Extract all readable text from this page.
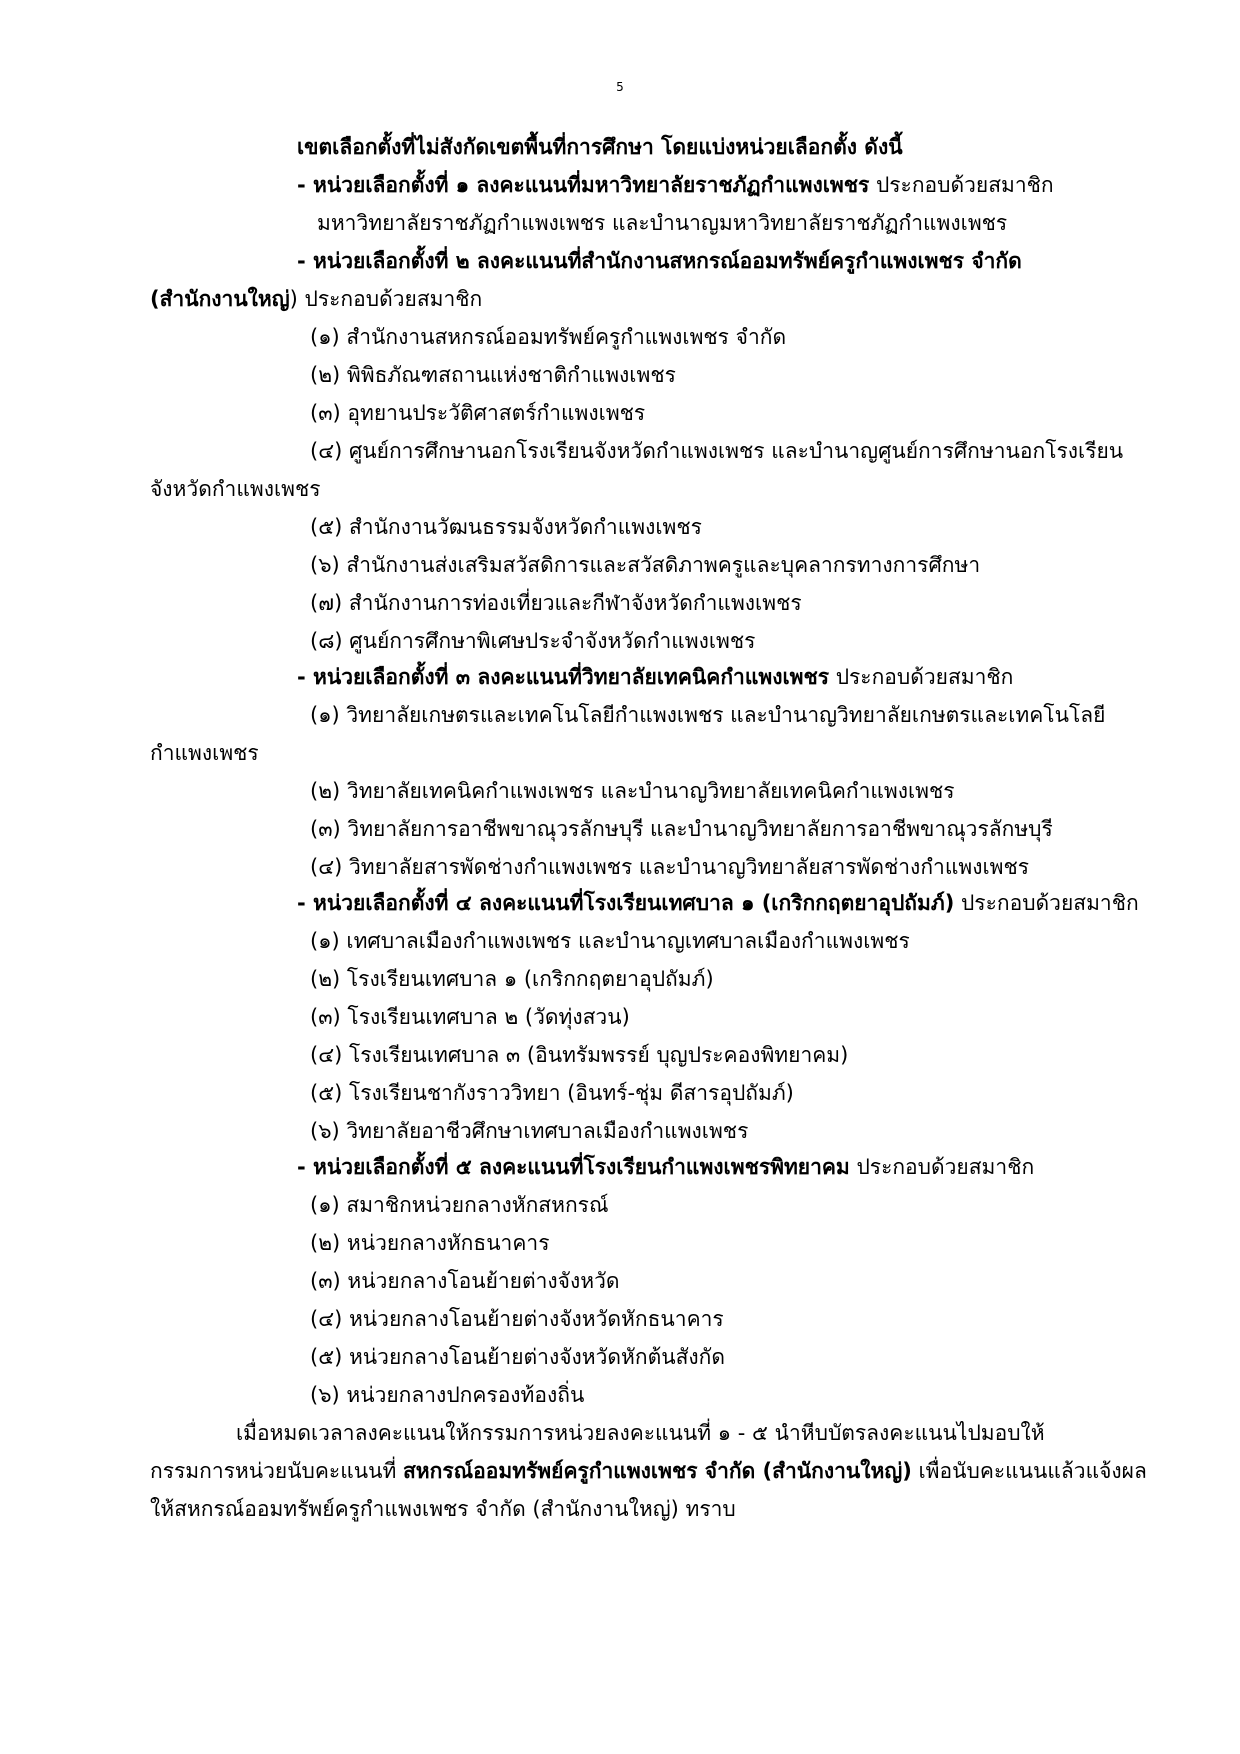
5
เขตเลือกตั้งที่ไม่สังกัดเขตพื้นที่การศึกษา โดยแบ่งหน่วยเลือกตั้ง ดังนี้
- หน่วยเลือกตั้งที่ ๑ ลงคะแนนที่มหาวิทยาลัยราชภัฏกำแพงเพชร ประกอบด้วยสมาชิก
มหาวิทยาลัยราชภัฏกำแพงเพชร และบำนาญมหาวิทยาลัยราชภัฏกำแพงเพชร
- หน่วยเลือกตั้งที่ ๒ ลงคะแนนที่สำนักงานสหกรณ์ออมทรัพย์ครูกำแพงเพชร จำกัด
(สำนักงานใหญ่) ประกอบด้วยสมาชิก
(๑) สำนักงานสหกรณ์ออมทรัพย์ครูกำแพงเพชร จำกัด
(๒) พิพิธภัณฑสถานแห่งชาติกำแพงเพชร
(๓) อุทยานประวัติศาสตร์กำแพงเพชร
(๔) ศูนย์การศึกษานอกโรงเรียนจังหวัดกำแพงเพชร และบำนาญศูนย์การศึกษานอกโรงเรียน
จังหวัดกำแพงเพชร
(๕) สำนักงานวัฒนธรรมจังหวัดกำแพงเพชร
(๖) สำนักงานส่งเสริมสวัสดิการและสวัสดิภาพครูและบุคลากรทางการศึกษา
(๗) สำนักงานการท่องเที่ยวและกีฬาจังหวัดกำแพงเพชร
(๘) ศูนย์การศึกษาพิเศษประจำจังหวัดกำแพงเพชร
- หน่วยเลือกตั้งที่ ๓ ลงคะแนนที่วิทยาลัยเทคนิคกำแพงเพชร ประกอบด้วยสมาชิก
(๑) วิทยาลัยเกษตรและเทคโนโลยีกำแพงเพชร และบำนาญวิทยาลัยเกษตรและเทคโนโลยี
กำแพงเพชร
(๒) วิทยาลัยเทคนิคกำแพงเพชร และบำนาญวิทยาลัยเทคนิคกำแพงเพชร
(๓) วิทยาลัยการอาชีพขาณุวรลักษบุรี และบำนาญวิทยาลัยการอาชีพขาณุวรลักษบุรี
(๔) วิทยาลัยสารพัดช่างกำแพงเพชร และบำนาญวิทยาลัยสารพัดช่างกำแพงเพชร
- หน่วยเลือกตั้งที่ ๔ ลงคะแนนที่โรงเรียนเทศบาล ๑ (เกริกกฤตยาอุปถัมภ์) ประกอบด้วยสมาชิก
(๑) เทศบาลเมืองกำแพงเพชร และบำนาญเทศบาลเมืองกำแพงเพชร
(๒) โรงเรียนเทศบาล ๑ (เกริกกฤตยาอุปถัมภ์)
(๓) โรงเรียนเทศบาล ๒ (วัดทุ่งสวน)
(๔) โรงเรียนเทศบาล ๓ (อินทรัมพรรย์ บุญประคองพิทยาคม)
(๕) โรงเรียนชากังราววิทยา (อินทร์-ชุ่ม ดีสารอุปถัมภ์)
(๖) วิทยาลัยอาชีวศึกษาเทศบาลเมืองกำแพงเพชร
- หน่วยเลือกตั้งที่ ๕ ลงคะแนนที่โรงเรียนกำแพงเพชรพิทยาคม ประกอบด้วยสมาชิก
(๑) สมาชิกหน่วยกลางหักสหกรณ์
(๒) หน่วยกลางหักธนาคาร
(๓) หน่วยกลางโอนย้ายต่างจังหวัด
(๔) หน่วยกลางโอนย้ายต่างจังหวัดหักธนาคาร
(๕) หน่วยกลางโอนย้ายต่างจังหวัดหักต้นสังกัด
(๖) หน่วยกลางปกครองท้องถิ่น
เมื่อหมดเวลาลงคะแนนให้กรรมการหน่วยลงคะแนนที่ ๑ - ๕ นำหีบบัตรลงคะแนนไปมอบให้
กรรมการหน่วยนับคะแนนที่ สหกรณ์ออมทรัพย์ครูกำแพงเพชร จำกัด (สำนักงานใหญ่) เพื่อนับคะแนนแล้วแจ้งผล
ให้สหกรณ์ออมทรัพย์ครูกำแพงเพชร จำกัด (สำนักงานใหญ่) ทราบ
